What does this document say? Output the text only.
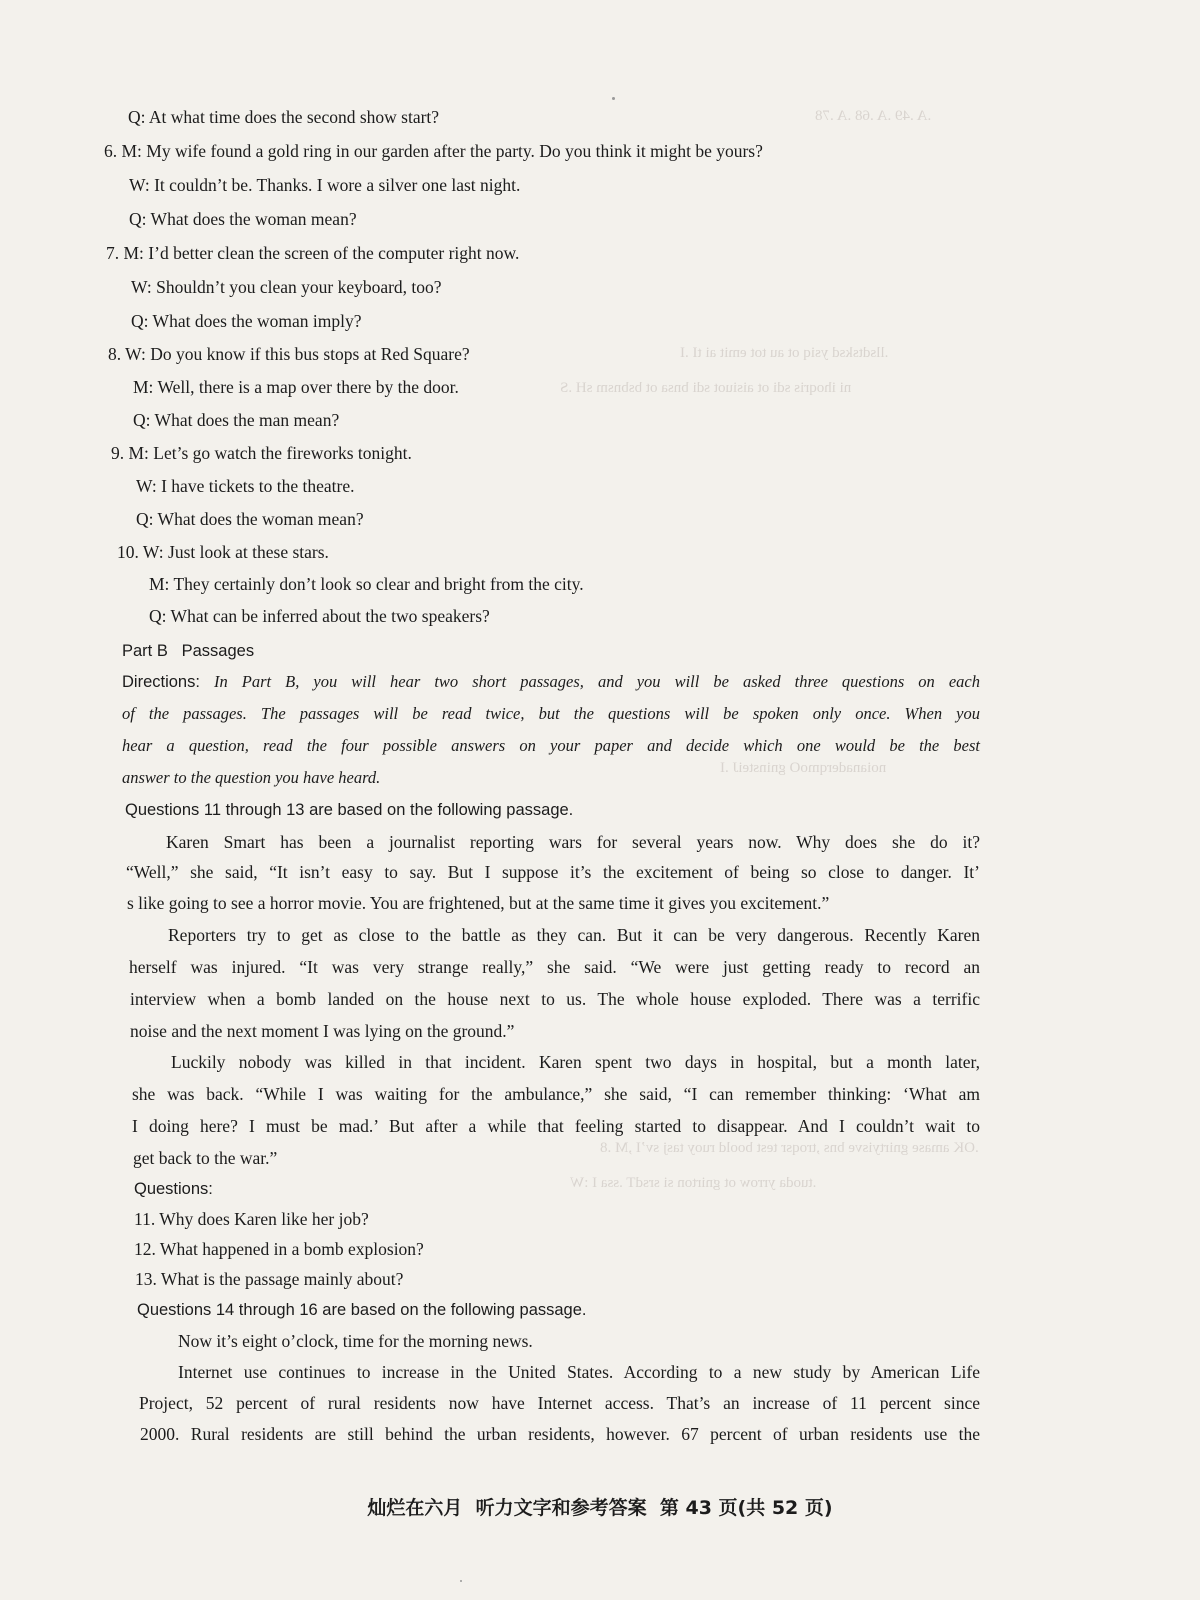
.A .49 .A .68 .A .78
.llsdtsksd ysiq ot au tot emit ai tI .I
ni ihoqris sdi ot aisiuot sdi bnsa ot bsbnsm sH .S
noianaderqmoO gninsteiJ .I
.OK amase gnirtyisve bns ,troqsr test boold ruoy tasj svʼI ,M .8
.tuoda yrrow ot gnirton si srsdT .ssa I :W
Q: At what time does the second show start?
6. M: My wife found a gold ring in our garden after the party. Do you think it might be yours?
W: It couldn’t be. Thanks. I wore a silver one last night.
Q: What does the woman mean?
7. M: I’d better clean the screen of the computer right now.
W: Shouldn’t you clean your keyboard, too?
Q: What does the woman imply?
8. W: Do you know if this bus stops at Red Square?
M: Well, there is a map over there by the door.
Q: What does the man mean?
9. M: Let’s go watch the fireworks tonight.
W: I have tickets to the theatre.
Q: What does the woman mean?
10. W: Just look at these stars.
M: They certainly don’t look so clear and bright from the city.
Q: What can be inferred about the two speakers?
Part B   Passages
Directions: In Part B, you will hear two short passages, and you will be asked three questions on each
of the passages. The passages will be read twice, but the questions will be spoken only once. When you
hear a question, read the four possible answers on your paper and decide which one would be the best
answer to the question you have heard.
Questions 11 through 13 are based on the following passage.
Karen Smart has been a journalist reporting wars for several years now. Why does she do it?
“Well,” she said, “It isn’t easy to say. But I suppose it’s the excitement of being so close to danger. It’
s like going to see a horror movie. You are frightened, but at the same time it gives you excitement.”
Reporters try to get as close to the battle as they can. But it can be very dangerous. Recently Karen
herself was injured. “It was very strange really,” she said. “We were just getting ready to record an
interview when a bomb landed on the house next to us. The whole house exploded. There was a terrific
noise and the next moment I was lying on the ground.”
Luckily nobody was killed in that incident. Karen spent two days in hospital, but a month later,
she was back. “While I was waiting for the ambulance,” she said, “I can remember thinking: ‘What am
I doing here? I must be mad.’ But after a while that feeling started to disappear. And I couldn’t wait to
get back to the war.”
Questions:
11. Why does Karen like her job?
12. What happened in a bomb explosion?
13. What is the passage mainly about?
Questions 14 through 16 are based on the following passage.
Now it’s eight o’clock, time for the morning news.
Internet use continues to increase in the United States. According to a new study by American Life
Project, 52 percent of rural residents now have Internet access. That’s an increase of 11 percent since
2000. Rural residents are still behind the urban residents, however. 67 percent of urban residents use the
灿烂在六月  听力文字和参考答案  第 43 页(共 52 页)
